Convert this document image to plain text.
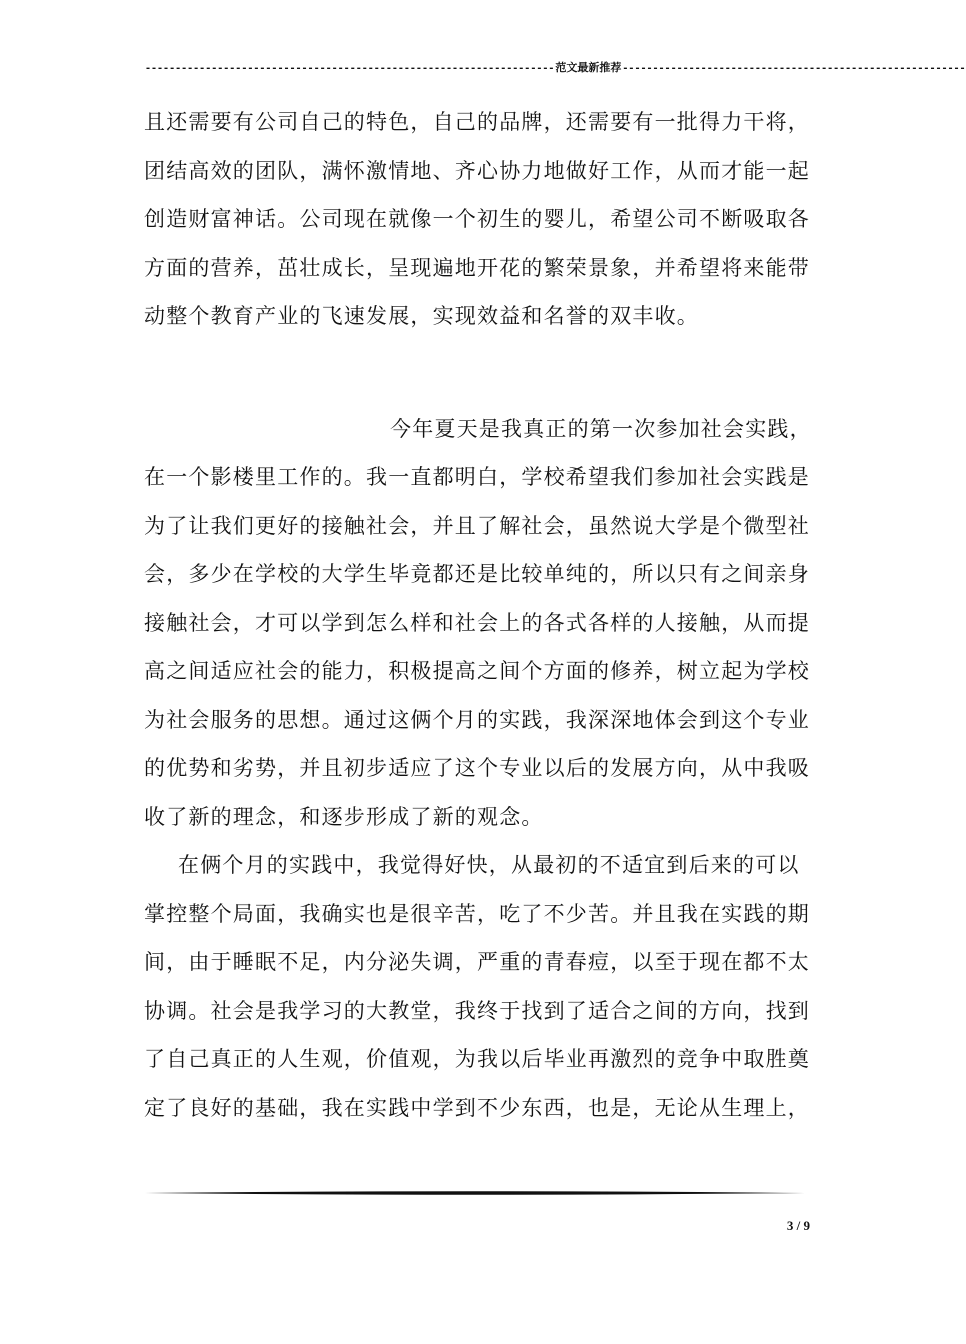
--------------------------------------------------------------------范文最新推荐---------------------------------------------------------
且还需要有公司自己的特色，自己的品牌，还需要有一批得力干将，
团结高效的团队，满怀激情地、齐心协力地做好工作，从而才能一起
创造财富神话。公司现在就像一个初生的婴儿，希望公司不断吸取各
方面的营养，茁壮成长，呈现遍地开花的繁荣景象，并希望将来能带
动整个教育产业的飞速发展，实现效益和名誉的双丰收。
今年夏天是我真正的第一次参加社会实践，
在一个影楼里工作的。我一直都明白，学校希望我们参加社会实践是
为了让我们更好的接触社会，并且了解社会，虽然说大学是个微型社
会，多少在学校的大学生毕竟都还是比较单纯的，所以只有之间亲身
接触社会，才可以学到怎么样和社会上的各式各样的人接触，从而提
高之间适应社会的能力，积极提高之间个方面的修养，树立起为学校
为社会服务的思想。通过这俩个月的实践，我深深地体会到这个专业
的优势和劣势，并且初步适应了这个专业以后的发展方向，从中我吸
收了新的理念，和逐步形成了新的观念。
在俩个月的实践中，我觉得好快，从最初的不适宜到后来的可以
掌控整个局面，我确实也是很辛苦，吃了不少苦。并且我在实践的期
间，由于睡眠不足，内分泌失调，严重的青春痘，以至于现在都不太
协调。社会是我学习的大教堂，我终于找到了适合之间的方向，找到
了自己真正的人生观，价值观，为我以后毕业再激烈的竞争中取胜奠
定了良好的基础，我在实践中学到不少东西，也是，无论从生理上，
3 / 9
